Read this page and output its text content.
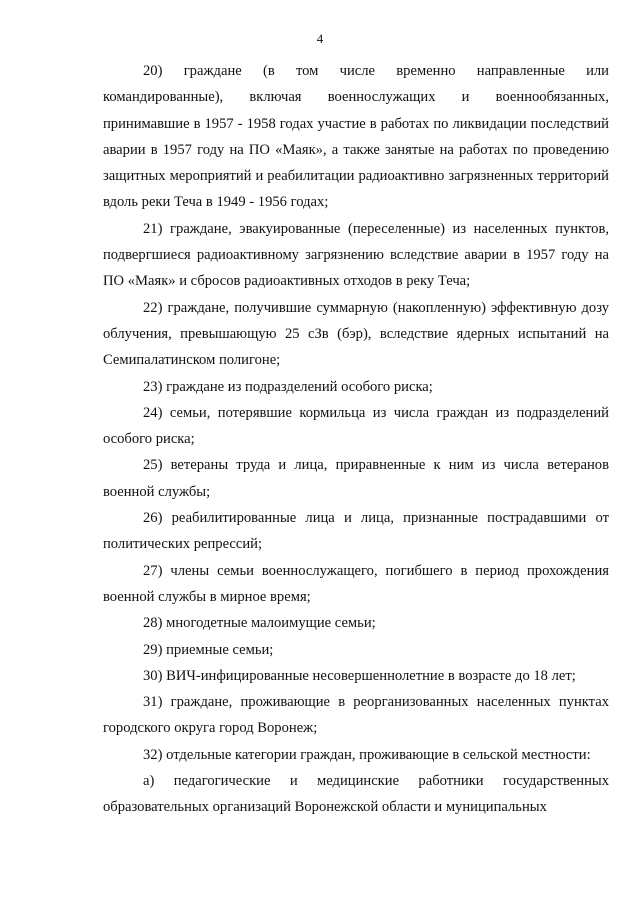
4

20) граждане (в том числе временно направленные или командированные), включая военнослужащих и военнообязанных, принимавшие в 1957 - 1958 годах участие в работах по ликвидации последствий аварии в 1957 году на ПО «Маяк», а также занятые на работах по проведению защитных мероприятий и реабилитации радиоактивно загрязненных территорий вдоль реки Теча в 1949 - 1956 годах;

21) граждане, эвакуированные (переселенные) из населенных пунктов, подвергшиеся радиоактивному загрязнению вследствие аварии в 1957 году на ПО «Маяк» и сбросов радиоактивных отходов в реку Теча;

22) граждане, получившие суммарную (накопленную) эффективную дозу облучения, превышающую 25 сЗв (бэр), вследствие ядерных испытаний на Семипалатинском полигоне;

23) граждане из подразделений особого риска;

24) семьи, потерявшие кормильца из числа граждан из подразделений особого риска;

25) ветераны труда и лица, приравненные к ним из числа ветеранов военной службы;

26) реабилитированные лица и лица, признанные пострадавшими от политических репрессий;

27) члены семьи военнослужащего, погибшего в период прохождения военной службы в мирное время;

28) многодетные малоимущие семьи;

29) приемные семьи;

30) ВИЧ-инфицированные несовершеннолетние в возрасте до 18 лет;

31) граждане, проживающие в реорганизованных населенных пунктах городского округа город Воронеж;

32) отдельные категории граждан, проживающие в сельской местности:

а) педагогические и медицинские работники государственных образовательных организаций Воронежской области и муниципальных
